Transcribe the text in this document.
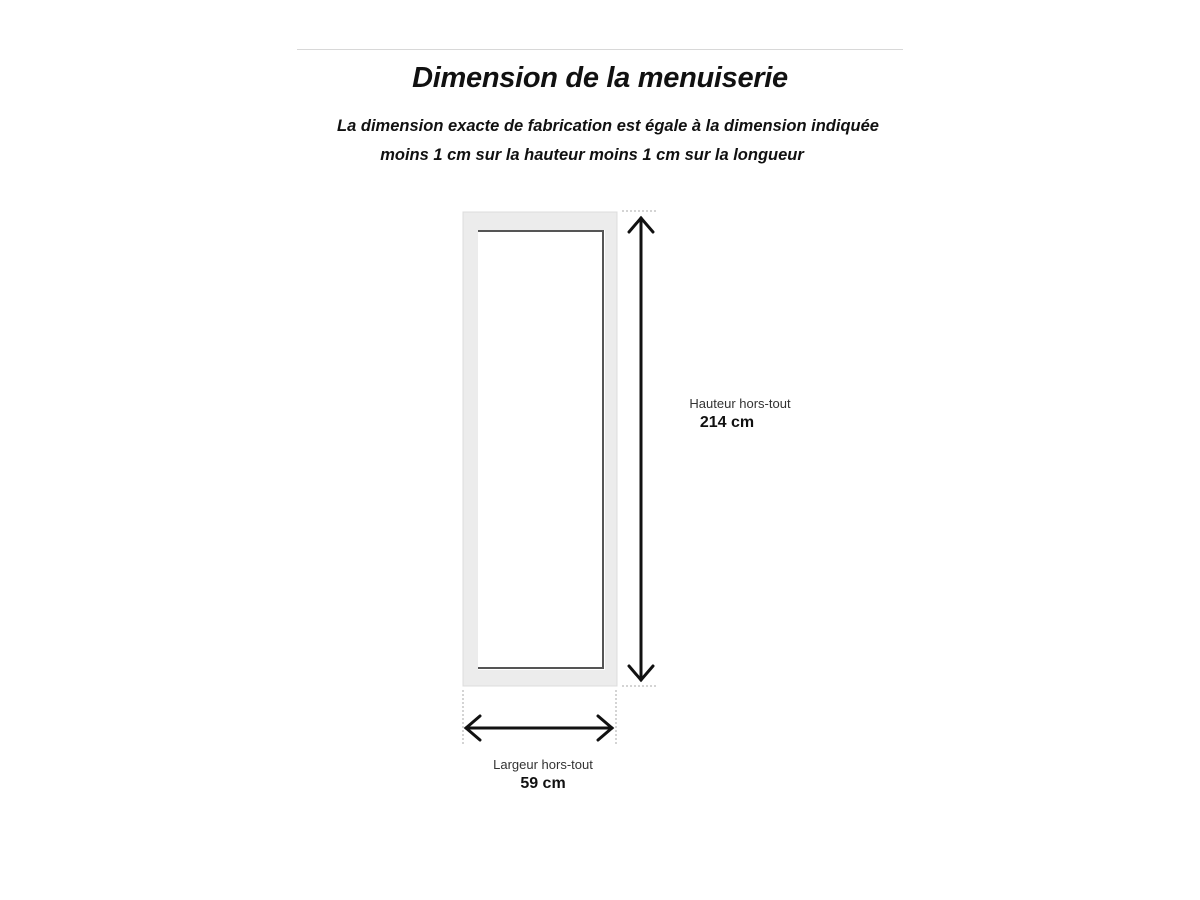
Dimension de la menuiserie
La dimension exacte de fabrication est égale à la dimension indiquée
moins 1 cm sur la hauteur moins 1 cm sur la longueur
Hauteur hors-tout
214 cm
Largeur hors-tout
59 cm
